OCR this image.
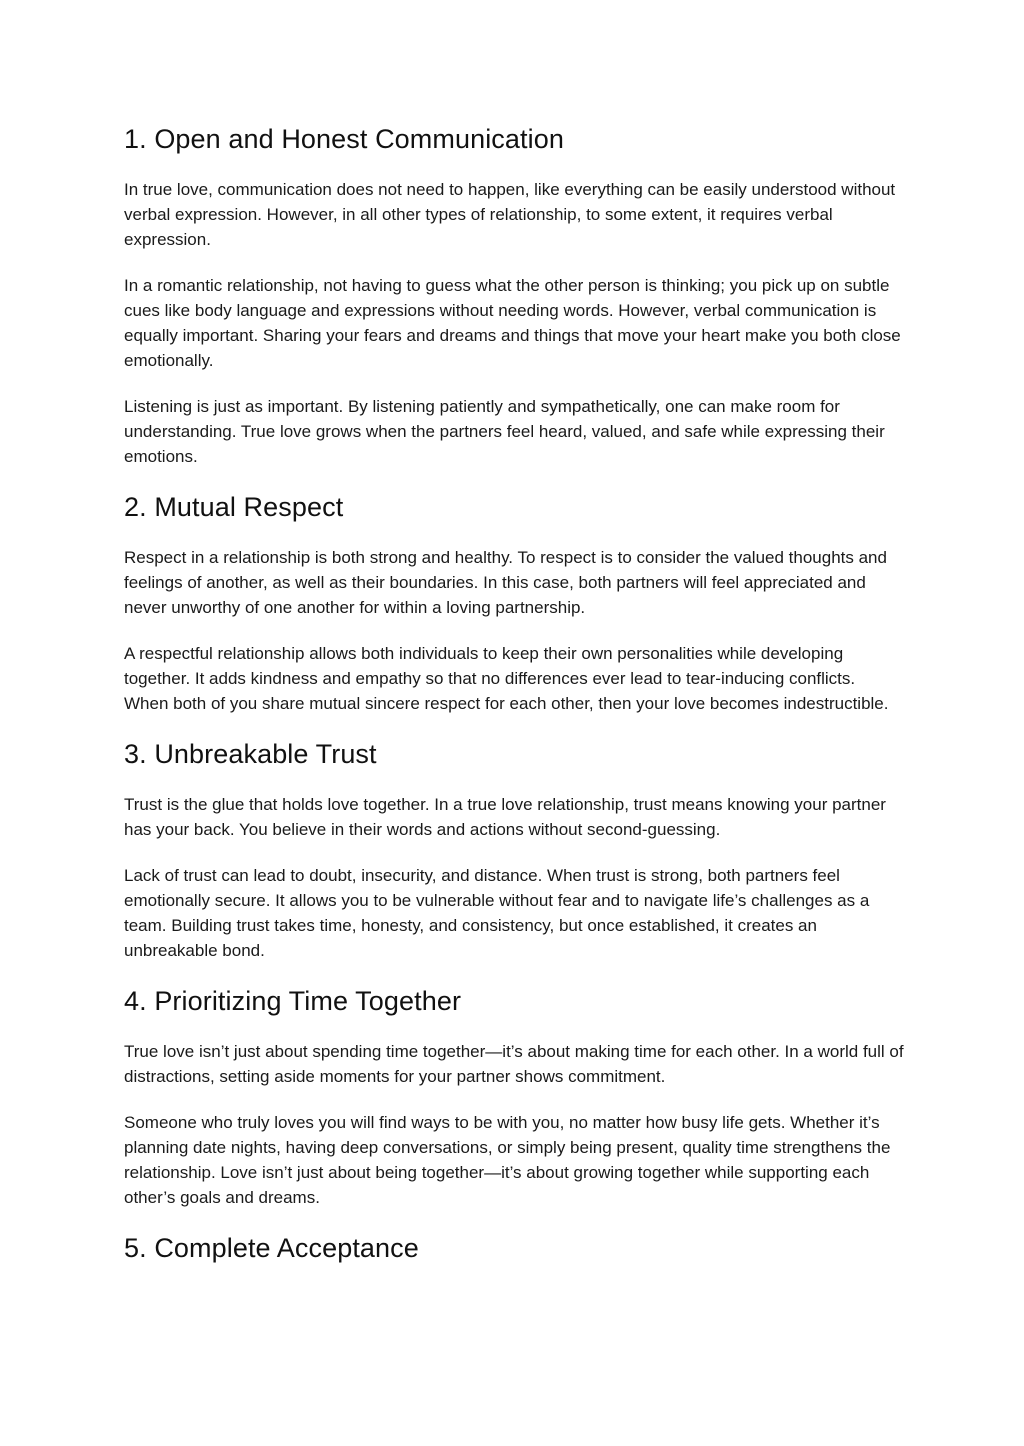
1. Open and Honest Communication

In true love, communication does not need to happen, like everything can be easily understood without verbal expression. However, in all other types of relationship, to some extent, it requires verbal expression.

In a romantic relationship, not having to guess what the other person is thinking; you pick up on subtle cues like body language and expressions without needing words. However, verbal communication is equally important. Sharing your fears and dreams and things that move your heart make you both close emotionally.

Listening is just as important. By listening patiently and sympathetically, one can make room for understanding. True love grows when the partners feel heard, valued, and safe while expressing their emotions.

2. Mutual Respect

Respect in a relationship is both strong and healthy. To respect is to consider the valued thoughts and feelings of another, as well as their boundaries. In this case, both partners will feel appreciated and never unworthy of one another for within a loving partnership.

A respectful relationship allows both individuals to keep their own personalities while developing together. It adds kindness and empathy so that no differences ever lead to tear-inducing conflicts. When both of you share mutual sincere respect for each other, then your love becomes indestructible.

3. Unbreakable Trust

Trust is the glue that holds love together. In a true love relationship, trust means knowing your partner has your back. You believe in their words and actions without second-guessing.

Lack of trust can lead to doubt, insecurity, and distance. When trust is strong, both partners feel emotionally secure. It allows you to be vulnerable without fear and to navigate life’s challenges as a team. Building trust takes time, honesty, and consistency, but once established, it creates an unbreakable bond.

4. Prioritizing Time Together

True love isn’t just about spending time together—it’s about making time for each other. In a world full of distractions, setting aside moments for your partner shows commitment.

Someone who truly loves you will find ways to be with you, no matter how busy life gets. Whether it’s planning date nights, having deep conversations, or simply being present, quality time strengthens the relationship. Love isn’t just about being together—it’s about growing together while supporting each other’s goals and dreams.

5. Complete Acceptance
